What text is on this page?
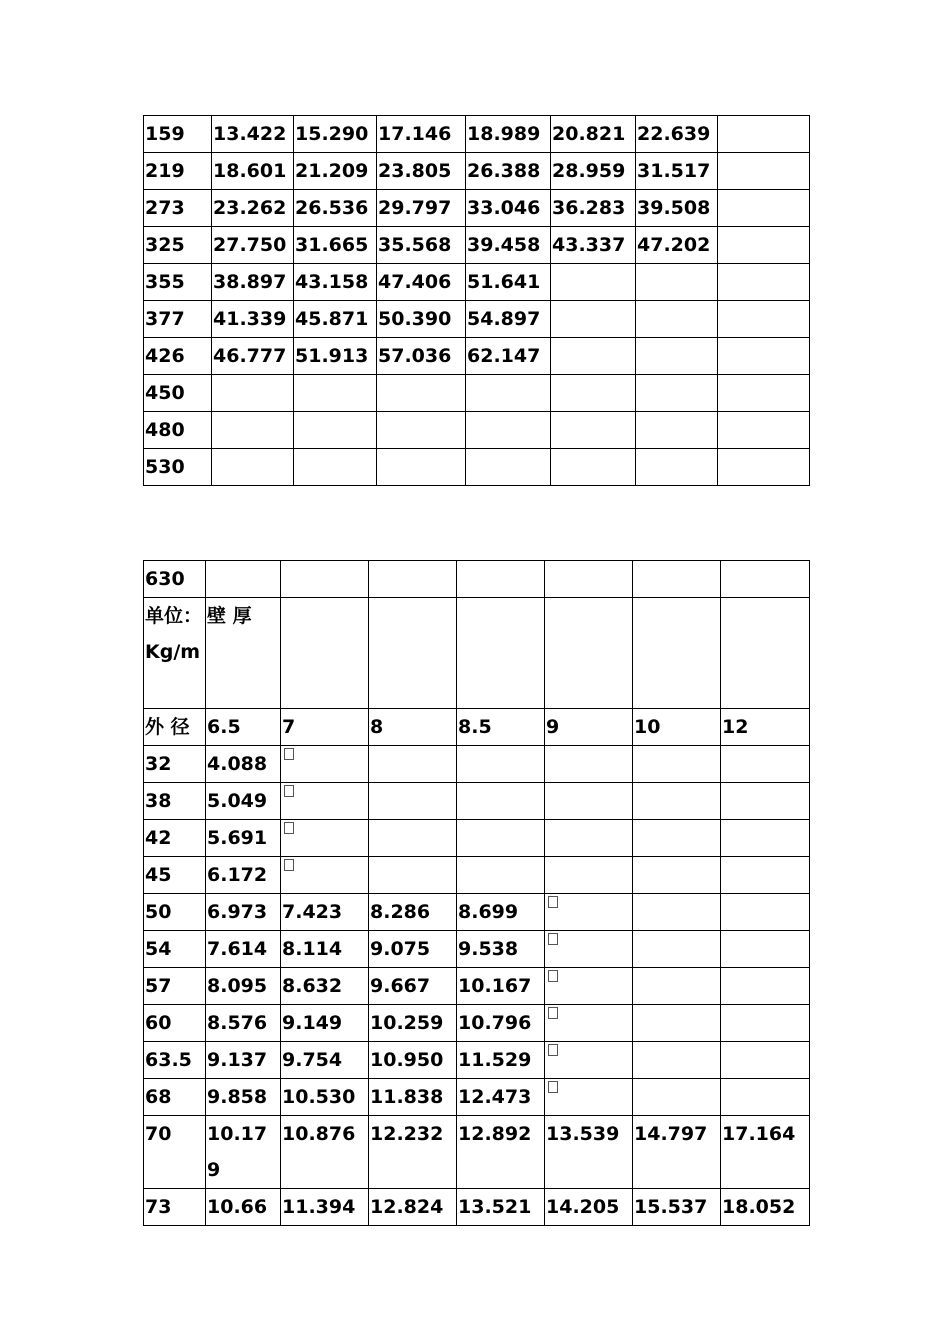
159	13.422	15.290	17.146	18.989	20.821	22.639	
219	18.601	21.209	23.805	26.388	28.959	31.517	
273	23.262	26.536	29.797	33.046	36.283	39.508	
325	27.750	31.665	35.568	39.458	43.337	47.202	
355	38.897	43.158	47.406	51.641			
377	41.339	45.871	50.390	54.897			
426	46.777	51.913	57.036	62.147			
450							
480							
530							
630							
单位：Kg/m	壁 厚						
外 径	6.5	7	8	8.5	9	10	12
32	4.088						
38	5.049						
42	5.691						
45	6.172						
50	6.973	7.423	8.286	8.699			
54	7.614	8.114	9.075	9.538			
57	8.095	8.632	9.667	10.167			
60	8.576	9.149	10.259	10.796			
63.5	9.137	9.754	10.950	11.529			
68	9.858	10.530	11.838	12.473			
70	10.179	10.876	12.232	12.892	13.539	14.797	17.164
73	10.66	11.394	12.824	13.521	14.205	15.537	18.052
